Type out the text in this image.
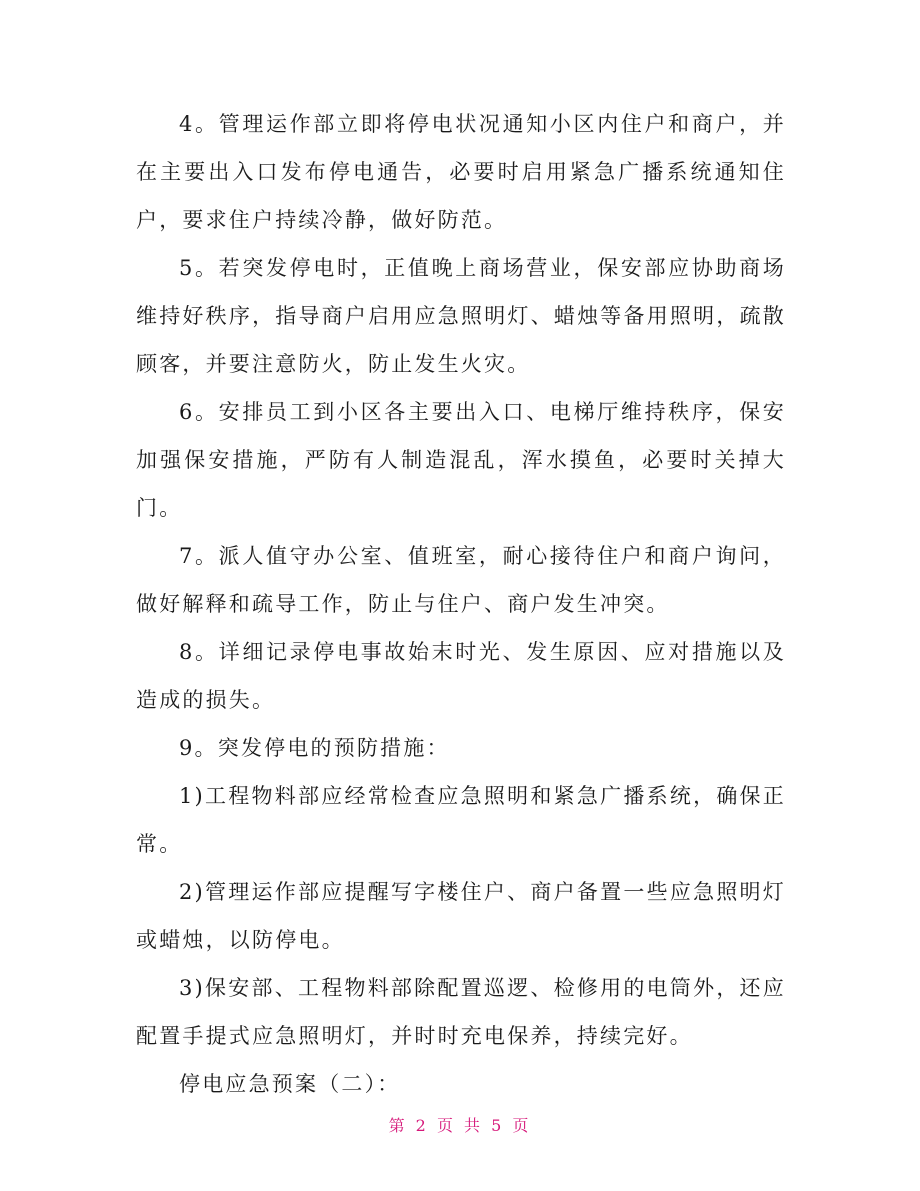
4。管理运作部立即将停电状况通知小区内住户和商户，并在主要出入口发布停电通告，必要时启用紧急广播系统通知住户，要求住户持续冷静，做好防范。

5。若突发停电时，正值晚上商场营业，保安部应协助商场维持好秩序，指导商户启用应急照明灯、蜡烛等备用照明，疏散顾客，并要注意防火，防止发生火灾。

6。安排员工到小区各主要出入口、电梯厅维持秩序，保安加强保安措施，严防有人制造混乱，浑水摸鱼，必要时关掉大门。

7。派人值守办公室、值班室，耐心接待住户和商户询问，做好解释和疏导工作，防止与住户、商户发生冲突。

8。详细记录停电事故始末时光、发生原因、应对措施以及造成的损失。

9。突发停电的预防措施：

1)工程物料部应经常检查应急照明和紧急广播系统，确保正常。

2)管理运作部应提醒写字楼住户、商户备置一些应急照明灯或蜡烛，以防停电。

3)保安部、工程物料部除配置巡逻、检修用的电筒外，还应配置手提式应急照明灯，并时时充电保养，持续完好。

停电应急预案（二）：

第 2 页 共 5 页
